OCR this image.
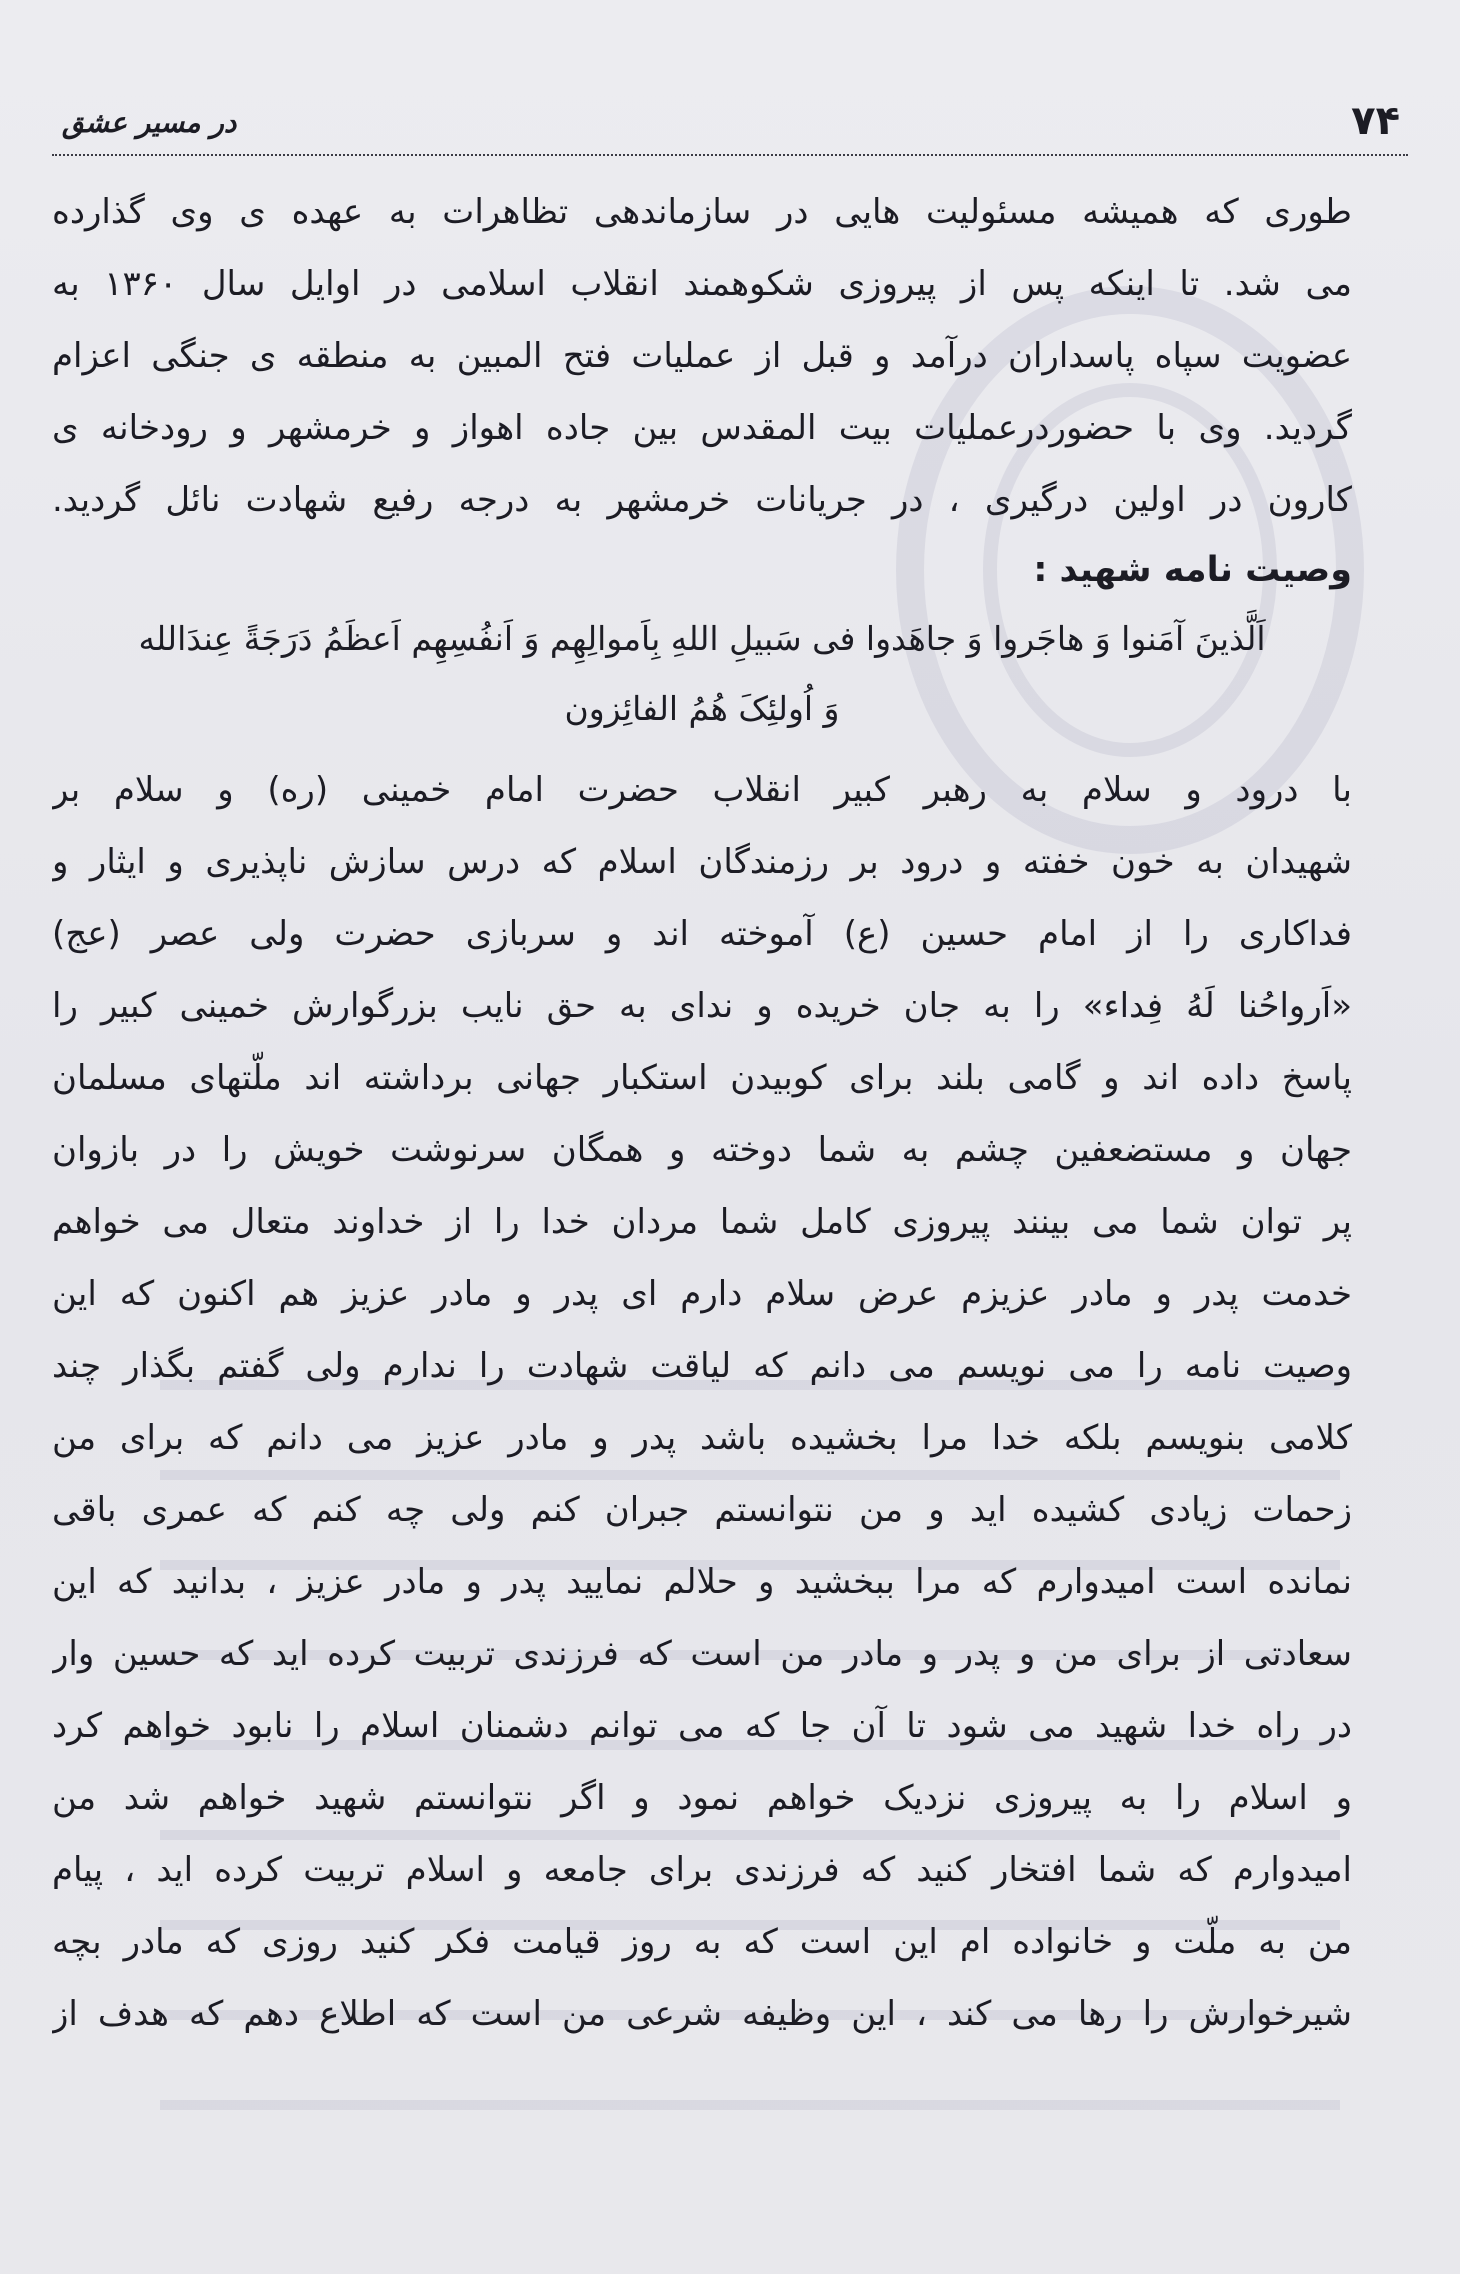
۷۴
در مسیر عشق
طوری که همیشه مسئولیت هایی در سازماندهی تظاهرات به عهده ی وی گذارده
می شد. تا اینکه پس از پیروزی شکوهمند انقلاب اسلامی در اوایل سال ۱۳۶۰ به
عضویت سپاه پاسداران درآمد و قبل از عملیات فتح المبین به منطقه ی جنگی اعزام
گردید. وی با حضوردرعملیات بیت المقدس بین جاده اهواز و خرمشهر و رودخانه ی
کارون در اولین درگیری ، در جریانات خرمشهر به درجه رفیع شهادت نائل گردید.
وصیت نامه شهید :
اَلَّذینَ آمَنوا وَ هاجَروا وَ جاهَدوا فی سَبیلِ اللهِ بِاَموالِهِم وَ اَنفُسِهِم اَعظَمُ دَرَجَةً عِندَالله
وَ اُولئِکَ هُمُ الفائِزون
با درود و سلام به رهبر کبیر انقلاب حضرت امام خمینی (ره) و سلام بر
شهیدان به خون خفته و درود بر رزمندگان اسلام که درس سازش ناپذیری و ایثار و
فداکاری را از امام حسین (ع) آموخته اند و سربازی حضرت ولی عصر (عج)
«اَرواحُنا لَهُ فِداء» را به جان خریده و ندای به حق نایب بزرگوارش خمینی کبیر را
پاسخ داده اند و گامی بلند برای کوبیدن استکبار جهانی برداشته اند ملّتهای مسلمان
جهان و مستضعفین چشم به شما دوخته و همگان سرنوشت خویش را در بازوان
پر توان شما می بینند پیروزی کامل شما مردان خدا را از خداوند متعال می خواهم
خدمت پدر و مادر عزیزم عرض سلام دارم ای پدر و مادر عزیز هم اکنون که این
وصیت نامه را می نویسم می دانم که لیاقت شهادت را ندارم ولی گفتم بگذار چند
کلامی بنویسم بلکه خدا مرا بخشیده باشد پدر و مادر عزیز می دانم که برای من
زحمات زیادی کشیده اید و من نتوانستم جبران کنم ولی چه کنم که عمری باقی
نمانده است امیدوارم که مرا ببخشید و حلالم نمایید پدر و مادر عزیز ، بدانید که این
سعادتی از برای من و پدر و مادر من است که فرزندی تربیت کرده اید که حسین وار
در راه خدا شهید می شود تا آن جا که می توانم دشمنان اسلام را نابود خواهم کرد
و اسلام را به پیروزی نزدیک خواهم نمود و اگر نتوانستم شهید خواهم شد من
امیدوارم که شما افتخار کنید که فرزندی برای جامعه و اسلام تربیت کرده اید ، پیام
من به ملّت و خانواده ام این است که به روز قیامت فکر کنید روزی که مادر بچه
شیرخوارش را رها می کند ، این وظیفه شرعی من است که اطلاع دهم که هدف از
